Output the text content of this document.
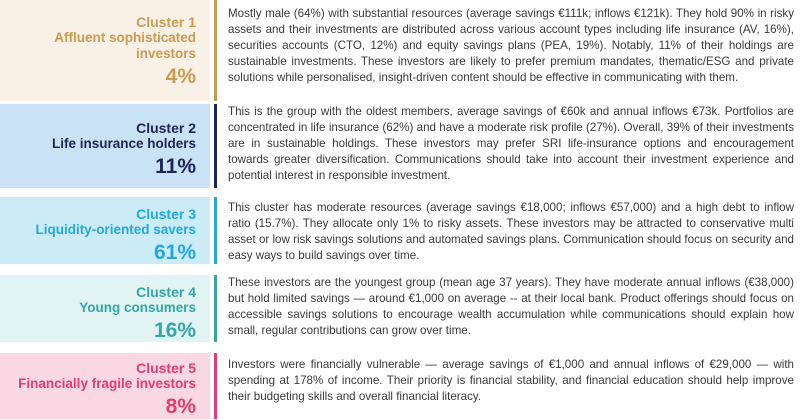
Cluster 1
Affluent sophisticated
investors
4%

Mostly male (64%) with substantial resources (average savings €111k; inflows €121k). They hold 90% in risky assets and their investments are distributed across various account types including life insurance (AV, 16%), securities accounts (CTO, 12%) and equity savings plans (PEA, 19%). Notably, 11% of their holdings are sustainable investments. These investors are likely to prefer premium mandates, thematic/ESG and private solutions while personalised, insight-driven content should be effective in communicating with them.

Cluster 2
Life insurance holders
11%

This is the group with the oldest members, average savings of €60k and annual inflows €73k. Portfolios are concentrated in life insurance (62%) and have a moderate risk profile (27%). Overall, 39% of their investments are in sustainable holdings. These investors may prefer SRI life-insurance options and encouragement towards greater diversification. Communications should take into account their investment experience and potential interest in responsible investment.

Cluster 3
Liquidity-oriented savers
61%

This cluster has moderate resources (average savings €18,000; inflows €57,000) and a high debt to inflow ratio (15.7%). They allocate only 1% to risky assets. These investors may be attracted to conservative multi asset or low risk savings solutions and automated savings plans. Communication should focus on security and easy ways to build savings over time.

Cluster 4
Young consumers
16%

These investors are the youngest group (mean age 37 years). They have moderate annual inflows (€38,000) but hold limited savings — around €1,000 on average -- at their local bank. Product offerings should focus on accessible savings solutions to encourage wealth accumulation while communications should explain how small, regular contributions can grow over time.

Cluster 5
Financially fragile investors
8%

Investors were financially vulnerable — average savings of €1,000 and annual inflows of €29,000 — with spending at 178% of income. Their priority is financial stability, and financial education should help improve their budgeting skills and overall financial literacy.
